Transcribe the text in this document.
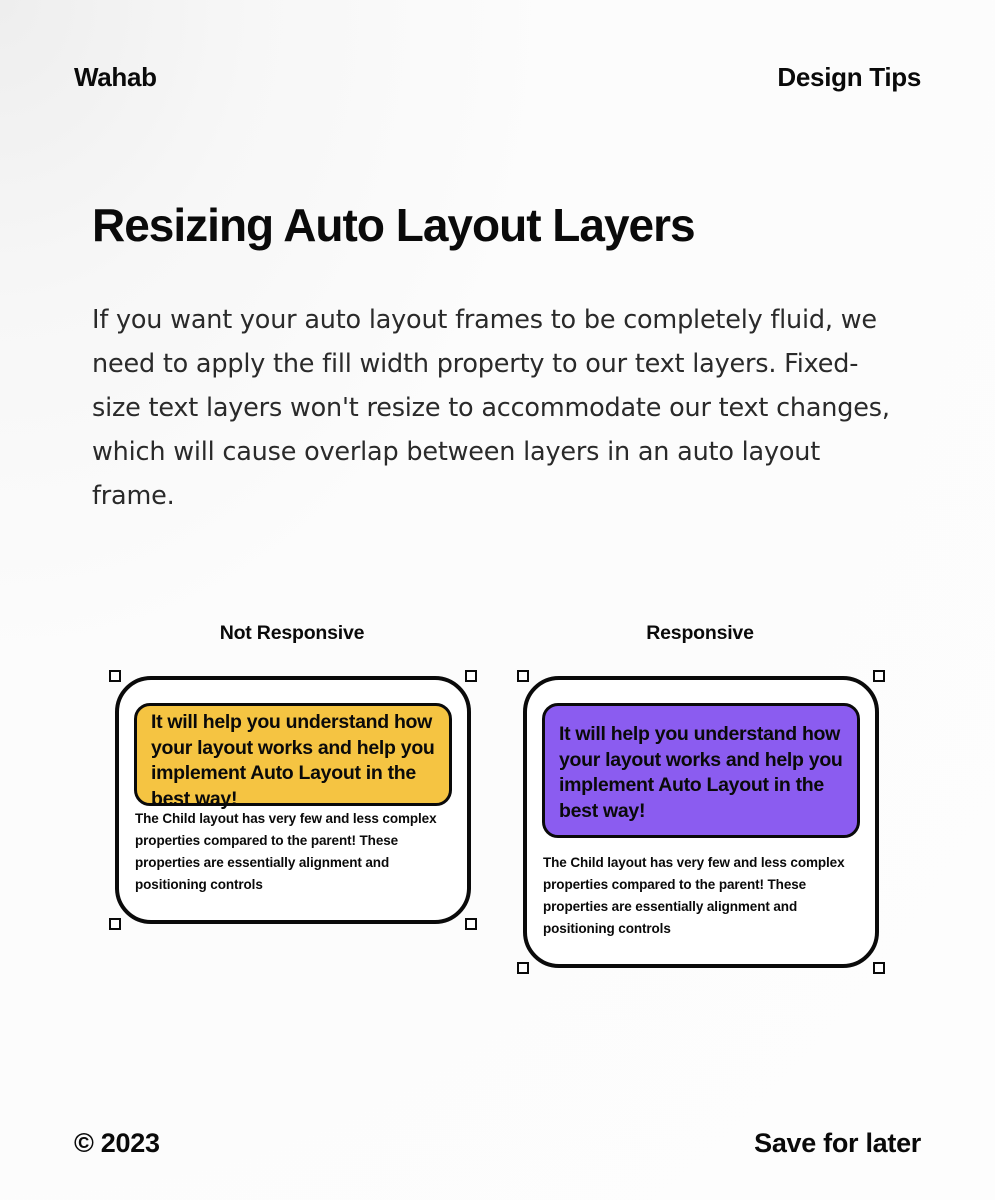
Wahab	Design Tips
Resizing Auto Layout Layers

If you want your auto layout frames to be completely fluid, we need to apply the fill width property to our text layers. Fixed-size text layers won't resize to accommodate our text changes, which will cause overlap between layers in an auto layout frame.

Not Responsive
It will help you understand how your layout works and help you implement Auto Layout in the best way!
The Child layout has very few and less complex properties compared to the parent! These properties are essentially alignment and positioning controls
Responsive
It will help you understand how your layout works and help you implement Auto Layout in the best way!
The Child layout has very few and less complex properties compared to the parent! These properties are essentially alignment and positioning controls
© 2023	Save for later
